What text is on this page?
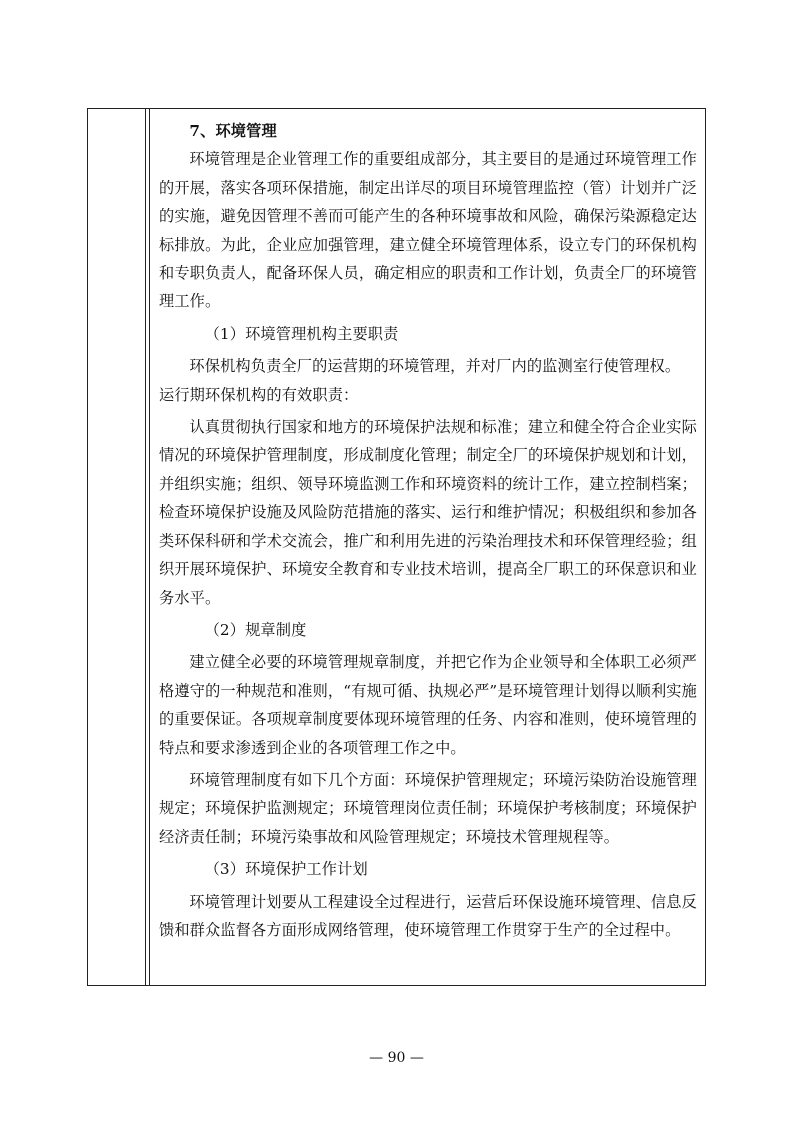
7、环境管理

环境管理是企业管理工作的重要组成部分，其主要目的是通过环境管理工作的开展，落实各项环保措施，制定出详尽的项目环境管理监控（管）计划并广泛的实施，避免因管理不善而可能产生的各种环境事故和风险，确保污染源稳定达标排放。为此，企业应加强管理，建立健全环境管理体系，设立专门的环保机构和专职负责人，配备环保人员，确定相应的职责和工作计划，负责全厂的环境管理工作。

（1）环境管理机构主要职责

环保机构负责全厂的运营期的环境管理，并对厂内的监测室行使管理权。

运行期环保机构的有效职责：

认真贯彻执行国家和地方的环境保护法规和标准；建立和健全符合企业实际情况的环境保护管理制度，形成制度化管理；制定全厂的环境保护规划和计划，并组织实施；组织、领导环境监测工作和环境资料的统计工作，建立控制档案；检查环境保护设施及风险防范措施的落实、运行和维护情况；积极组织和参加各类环保科研和学术交流会，推广和利用先进的污染治理技术和环保管理经验；组织开展环境保护、环境安全教育和专业技术培训，提高全厂职工的环保意识和业务水平。

（2）规章制度

建立健全必要的环境管理规章制度，并把它作为企业领导和全体职工必须严格遵守的一种规范和准则，“有规可循、执规必严”是环境管理计划得以顺利实施的重要保证。各项规章制度要体现环境管理的任务、内容和准则，使环境管理的特点和要求渗透到企业的各项管理工作之中。

环境管理制度有如下几个方面：环境保护管理规定；环境污染防治设施管理规定；环境保护监测规定；环境管理岗位责任制；环境保护考核制度；环境保护经济责任制；环境污染事故和风险管理规定；环境技术管理规程等。

（3）环境保护工作计划

环境管理计划要从工程建设全过程进行，运营后环保设施环境管理、信息反馈和群众监督各方面形成网络管理，使环境管理工作贯穿于生产的全过程中。

— 90 —
